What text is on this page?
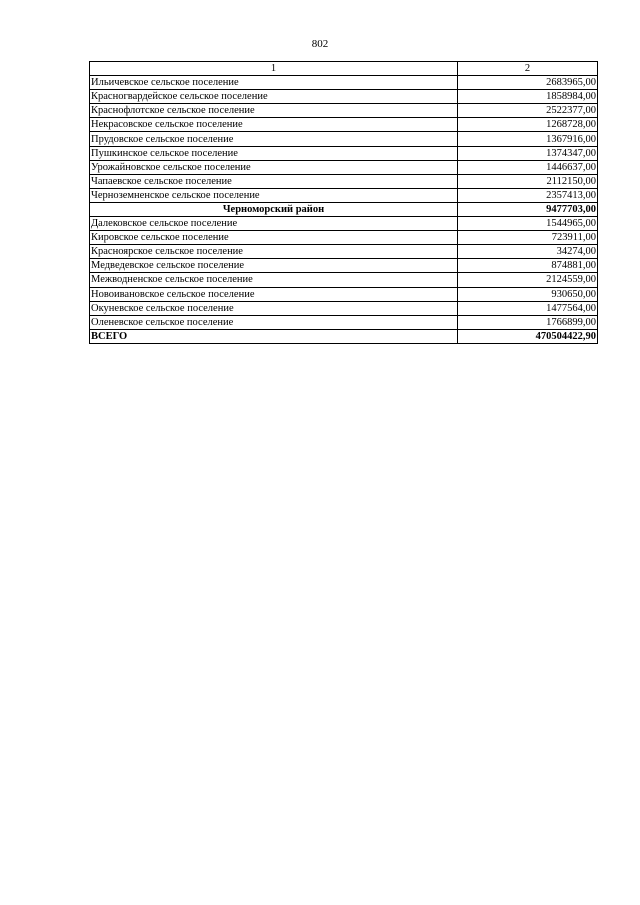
802
1	2
Ильичевское сельское поселение	2683965,00
Красногвардейское сельское поселение	1858984,00
Краснофлотское сельское поселение	2522377,00
Некрасовское сельское поселение	1268728,00
Прудовское сельское поселение	1367916,00
Пушкинское сельское поселение	1374347,00
Урожайновское сельское поселение	1446637,00
Чапаевское сельское поселение	2112150,00
Черноземненское сельское поселение	2357413,00
Черноморский район	9477703,00
Далековское сельское поселение	1544965,00
Кировское сельское поселение	723911,00
Красноярское сельское поселение	34274,00
Медведевское сельское поселение	874881,00
Межводненское сельское поселение	2124559,00
Новоивановское сельское поселение	930650,00
Окуневское сельское поселение	1477564,00
Оленевское сельское поселение	1766899,00
ВСЕГО	470504422,90
